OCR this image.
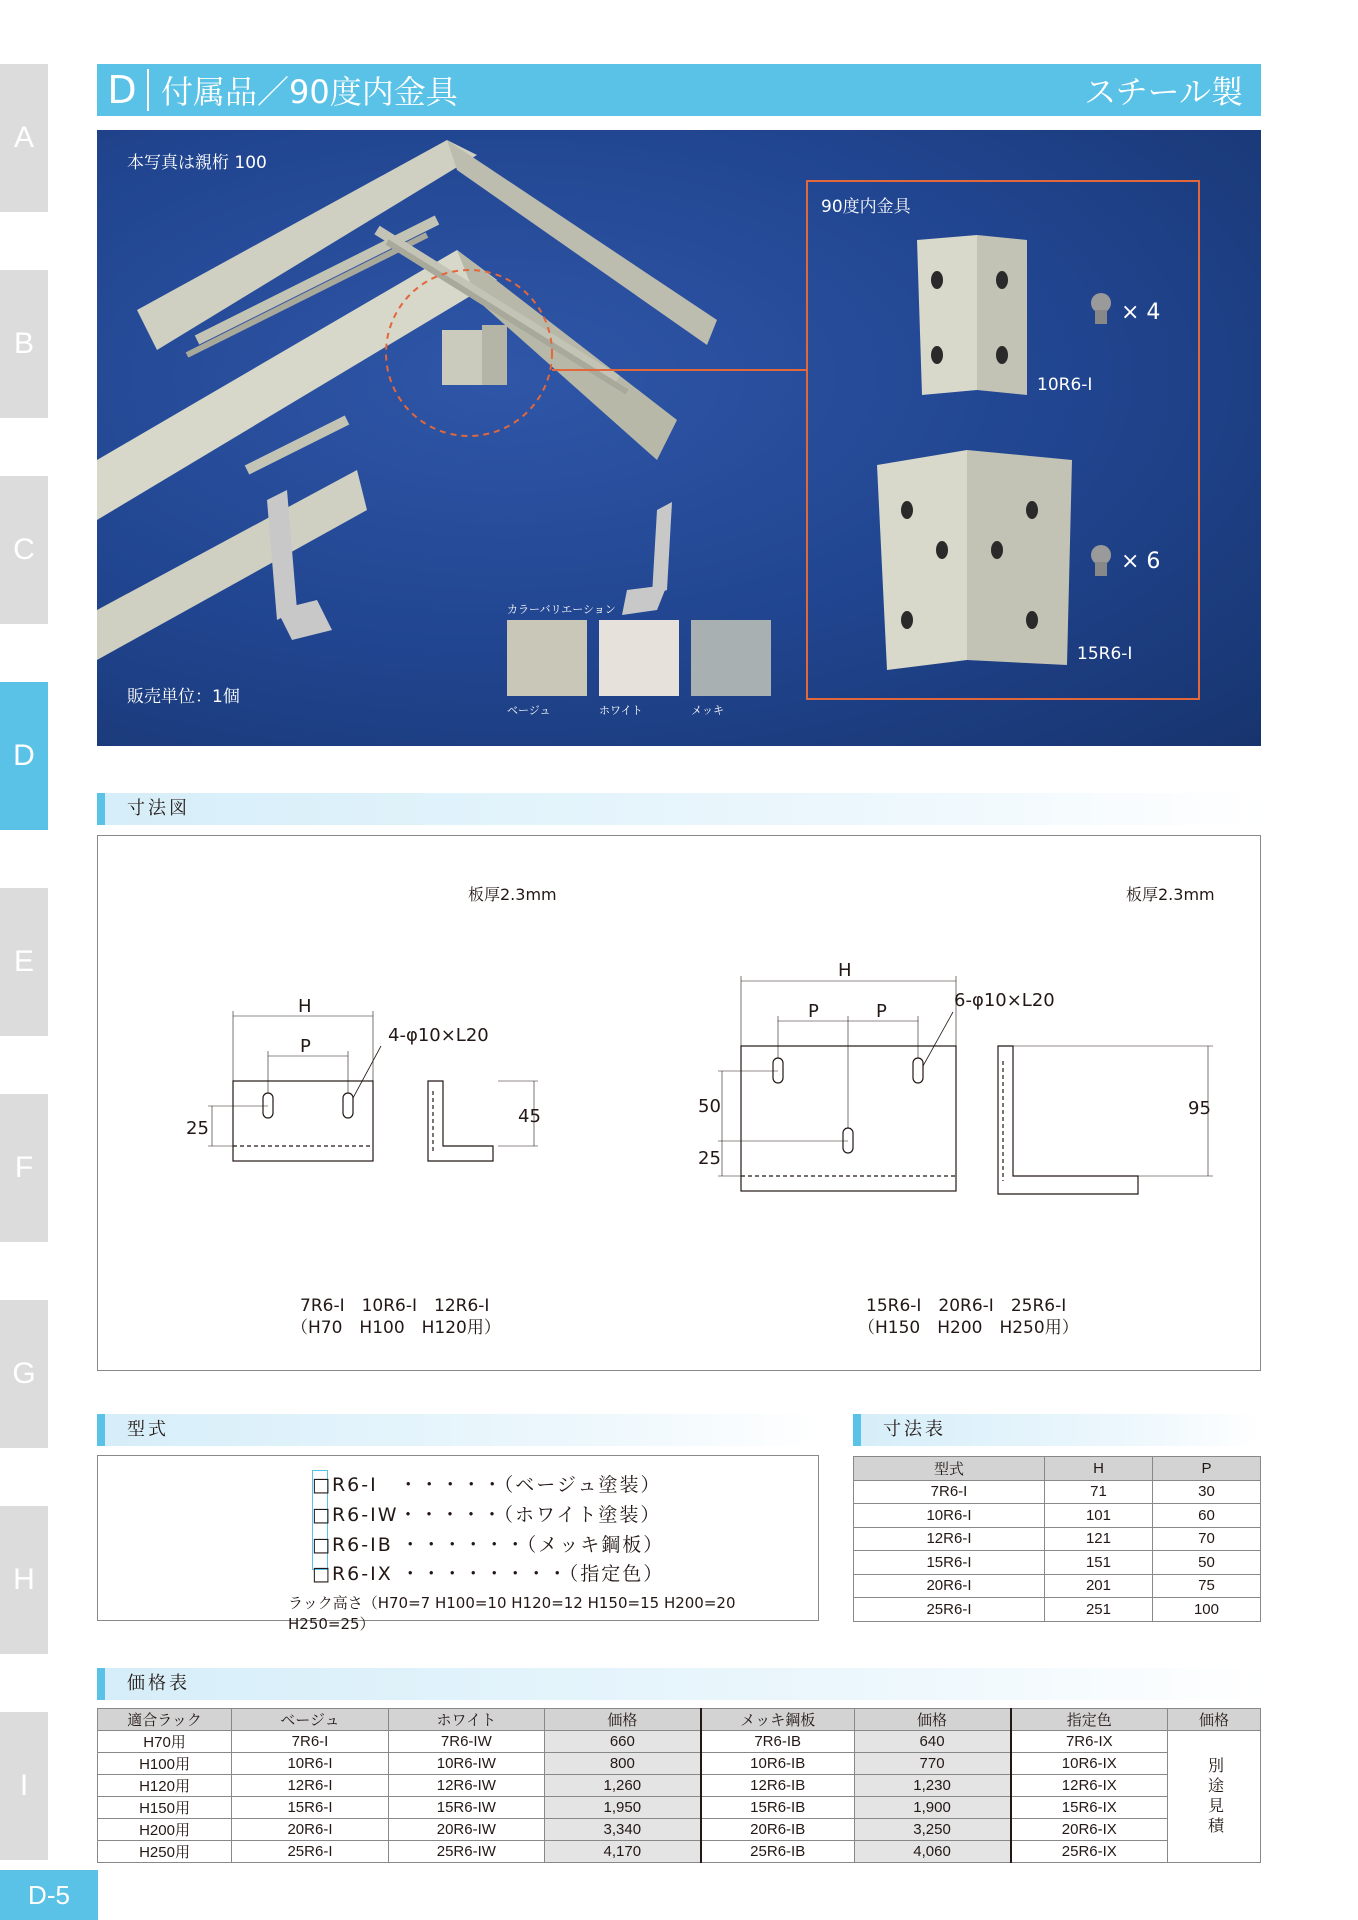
A
B
C
D
E
F
G
H
I
D-5
D 付属品／90度内金具	スチール製
本写真は親桁 100
販売単位：1個
90度内金具
× 4
10R6-I
× 6
15R6-I
カラーバリエーション
ベージュ	ホワイト	メッキ
寸法図
板厚2.3mm	板厚2.3mm
H
P
4-φ10×L20
25
45
H
P	P
6-φ10×L20
50
25
95
7R6-I　10R6-I　12R6-I
（H70　H100　H120用）
15R6-I　20R6-I　25R6-I
（H150　H200　H250用）
型式
□R6-I　・・・・・（ベージュ塗装）
□R6-IW・・・・・（ホワイト塗装）
□R6-IB ・・・・・・（メッキ鋼板）
□R6-IX ・・・・・・・・（指定色）
ラック高さ（H70=7 H100=10 H120=12 H150=15 H200=20 H250=25）
寸法表
型式	H	P
7R6-I	71	30
10R6-I	101	60
12R6-I	121	70
15R6-I	151	50
20R6-I	201	75
25R6-I	251	100
価格表
適合ラック	ベージュ	ホワイト	価格	メッキ鋼板	価格	指定色	価格
H70用	7R6-I	7R6-IW	660	7R6-IB	640	7R6-IX	別途見積
H100用	10R6-I	10R6-IW	800	10R6-IB	770	10R6-IX	
H120用	12R6-I	12R6-IW	1,260	12R6-IB	1,230	12R6-IX	
H150用	15R6-I	15R6-IW	1,950	15R6-IB	1,900	15R6-IX	
H200用	20R6-I	20R6-IW	3,340	20R6-IB	3,250	20R6-IX	
H250用	25R6-I	25R6-IW	4,170	25R6-IB	4,060	25R6-IX	
